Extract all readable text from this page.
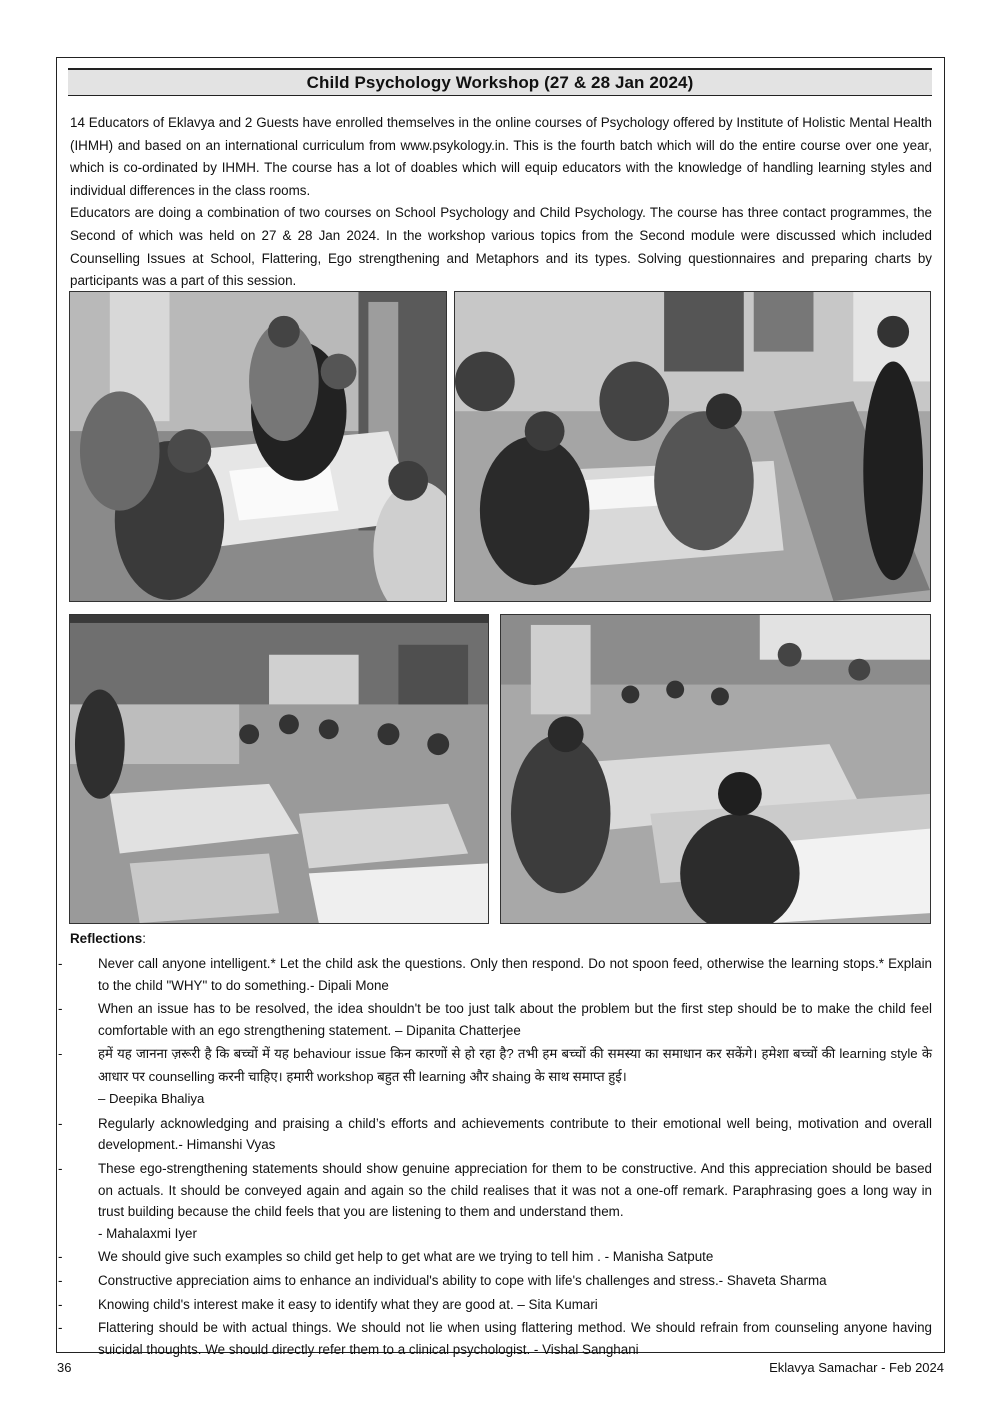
Child Psychology Workshop (27 & 28 Jan 2024)

14 Educators of Eklavya and 2 Guests have enrolled themselves in the online courses of Psychology offered by Institute of Holistic Mental Health (IHMH) and based on an international curriculum from www.psykology.in. This is the fourth batch which will do the entire course over one year, which is co-ordinated by IHMH. The course has a lot of doables which will equip educators with the knowledge of handling learning styles and individual differences in the class rooms.

Educators are doing a combination of two courses on School Psychology and Child Psychology. The course has three contact programmes, the Second of which was held on 27 & 28 Jan 2024. In the workshop various topics from the Second module were discussed which included Counselling Issues at School, Flattering, Ego strengthening and Metaphors and its types. Solving questionnaires and preparing charts by participants was a part of this session.

Reflections:
-	Never call anyone intelligent.* Let the child ask the questions. Only then respond. Do not spoon feed, otherwise the learning stops.* Explain to the child "WHY" to do something.- Dipali Mone
-	When an issue has to be resolved, the idea shouldn't be too just talk about the problem but the first step should be to make the child feel comfortable with an ego strengthening statement. – Dipanita Chatterjee
-	हमें यह जानना ज़रूरी है कि बच्चों में यह behaviour issue किन कारणों से हो रहा है? तभी हम बच्चों की समस्या का समाधान कर सकेंगे। हमेशा बच्चों की learning style के आधार पर counselling करनी चाहिए। हमारी workshop बहुत सी learning और shaing के साथ समाप्त हुई।
– Deepika Bhaliya
-	Regularly acknowledging and praising a child’s efforts and achievements contribute to their emotional well being, motivation and overall development.- Himanshi Vyas
-	These ego-strengthening statements should show genuine appreciation for them to be constructive. And this appreciation should be based on actuals. It should be conveyed again and again so the child realises that it was not a one-off remark. Paraphrasing goes a long way in trust building because the child feels that you are listening to them and understand them.
- Mahalaxmi Iyer
-	We should give such examples so child get help to get what are we trying to tell him . - Manisha Satpute
-	Constructive appreciation aims to enhance an individual's ability to cope with life's challenges and stress.- Shaveta Sharma
-	Knowing child's interest make it easy to identify what they are good at. – Sita Kumari
-	Flattering should be with actual things. We should not lie when using flattering method. We should refrain from counseling anyone having suicidal thoughts. We should directly refer them to a clinical psychologist. - Vishal Sanghani
36	Eklavya Samachar - Feb 2024
